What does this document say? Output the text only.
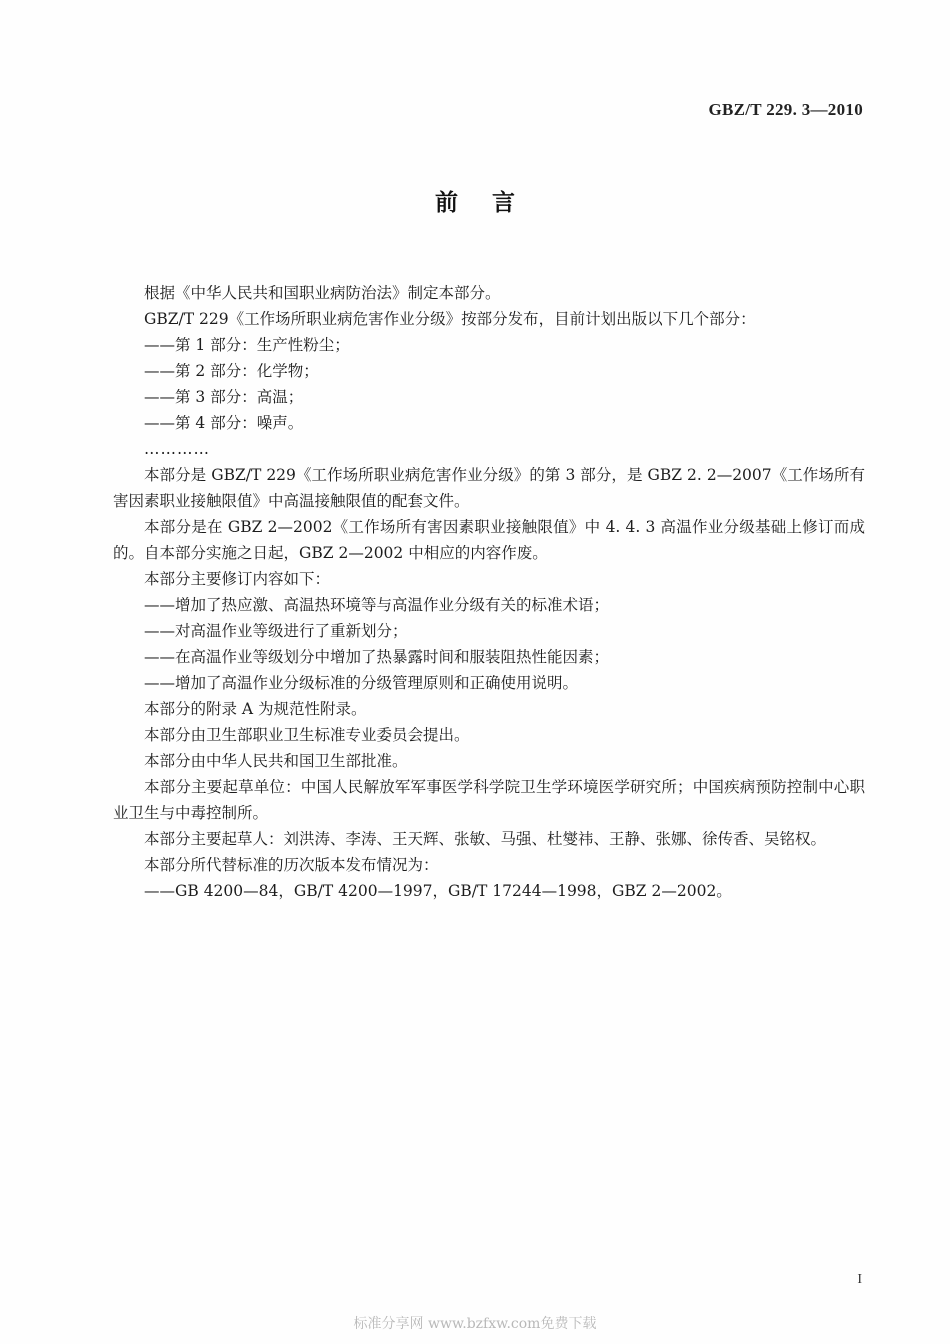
GBZ/T 229. 3—2010
前言

根据《中华人民共和国职业病防治法》制定本部分。

GBZ/T 229《工作场所职业病危害作业分级》按部分发布，目前计划出版以下几个部分：

——第 1 部分：生产性粉尘；

——第 2 部分：化学物；

——第 3 部分：高温；

——第 4 部分：噪声。

…………

本部分是 GBZ/T 229《工作场所职业病危害作业分级》的第 3 部分，是 GBZ 2. 2—2007《工作场所有害因素职业接触限值》中高温接触限值的配套文件。

本部分是在 GBZ 2—2002《工作场所有害因素职业接触限值》中 4. 4. 3 高温作业分级基础上修订而成的。自本部分实施之日起，GBZ 2—2002 中相应的内容作废。

本部分主要修订内容如下：

——增加了热应激、高温热环境等与高温作业分级有关的标准术语；

——对高温作业等级进行了重新划分；

——在高温作业等级划分中增加了热暴露时间和服装阻热性能因素；

——增加了高温作业分级标准的分级管理原则和正确使用说明。

本部分的附录 A 为规范性附录。

本部分由卫生部职业卫生标准专业委员会提出。

本部分由中华人民共和国卫生部批准。

本部分主要起草单位：中国人民解放军军事医学科学院卫生学环境医学研究所；中国疾病预防控制中心职业卫生与中毒控制所。

本部分主要起草人：刘洪涛、李涛、王天辉、张敏、马强、杜燮祎、王静、张娜、徐传香、吴铭权。

本部分所代替标准的历次版本发布情况为：

——GB 4200—84，GB/T 4200—1997，GB/T 17244—1998，GBZ 2—2002。

I
标准分享网 www.bzfxw.com免费下载
